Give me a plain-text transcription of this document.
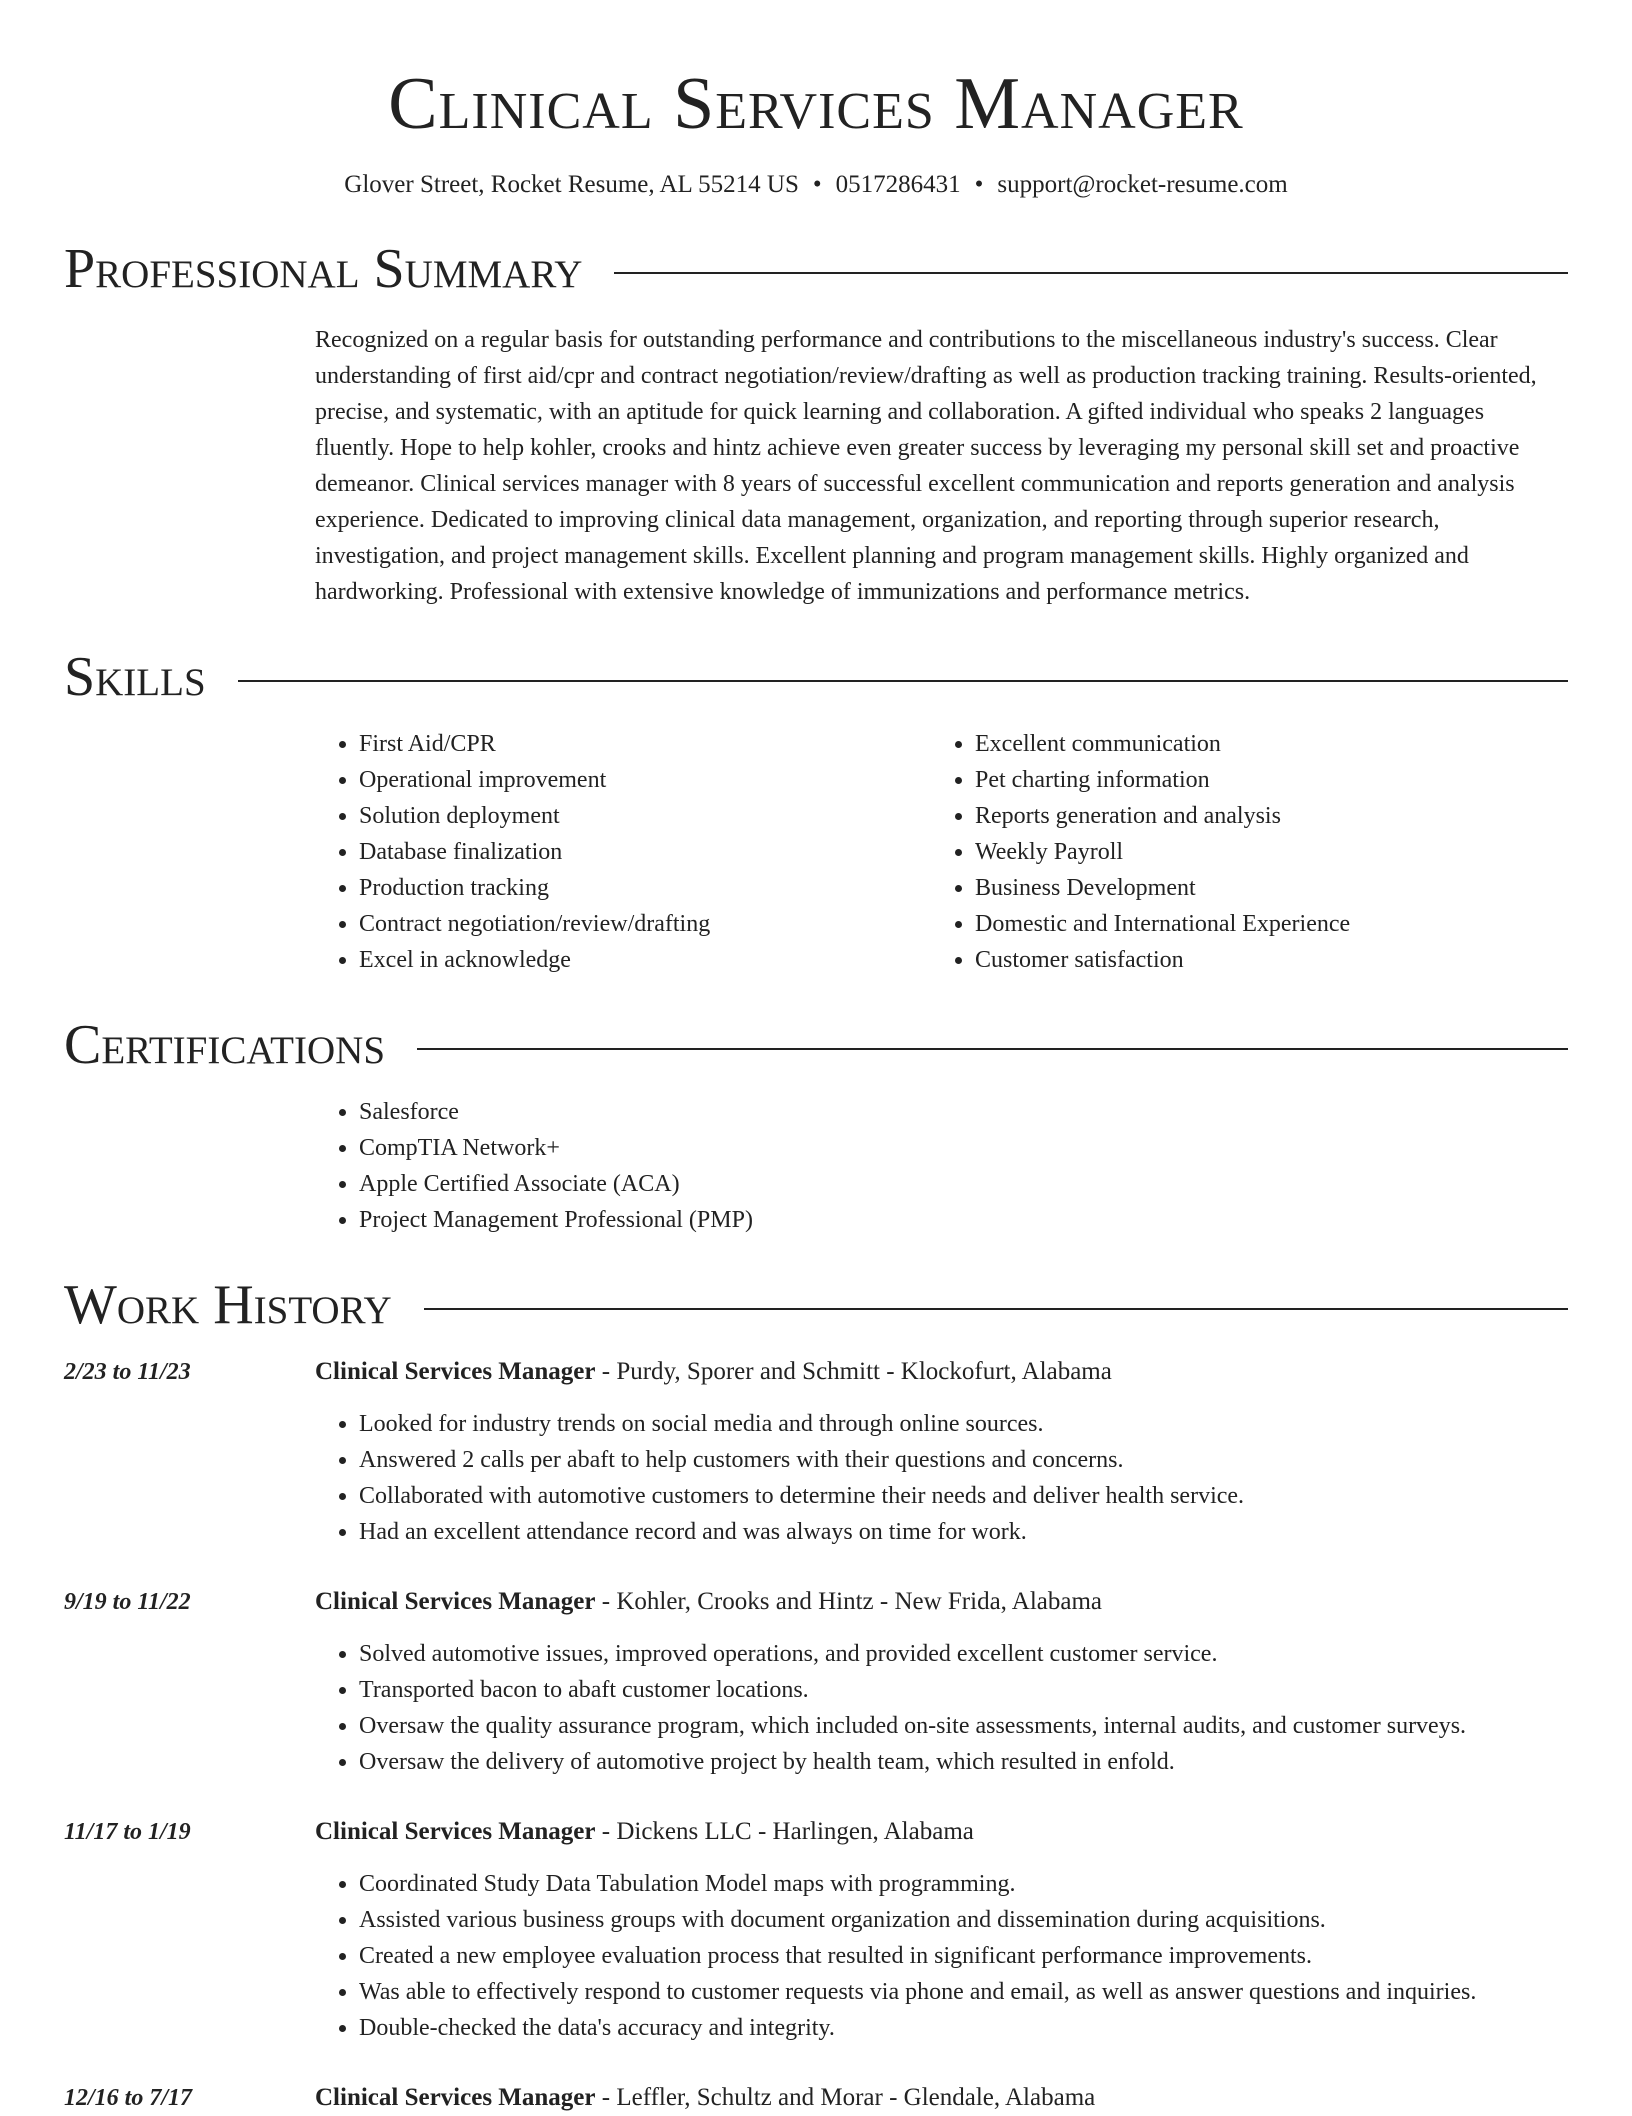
Clinical Services Manager
Glover Street, Rocket Resume, AL 55214 US • 0517286431 • support@rocket-resume.com
Professional Summary
Recognized on a regular basis for outstanding performance and contributions to the miscellaneous industry's success. Clear understanding of first aid/cpr and contract negotiation/review/drafting as well as production tracking training. Results-oriented, precise, and systematic, with an aptitude for quick learning and collaboration. A gifted individual who speaks 2 languages fluently. Hope to help kohler, crooks and hintz achieve even greater success by leveraging my personal skill set and proactive demeanor. Clinical services manager with 8 years of successful excellent communication and reports generation and analysis experience. Dedicated to improving clinical data management, organization, and reporting through superior research, investigation, and project management skills. Excellent planning and program management skills. Highly organized and hardworking. Professional with extensive knowledge of immunizations and performance metrics.
Skills
• First Aid/CPR
• Operational improvement
• Solution deployment
• Database finalization
• Production tracking
• Contract negotiation/review/drafting
• Excel in acknowledge
• Excellent communication
• Pet charting information
• Reports generation and analysis
• Weekly Payroll
• Business Development
• Domestic and International Experience
• Customer satisfaction
Certifications
• Salesforce
• CompTIA Network+
• Apple Certified Associate (ACA)
• Project Management Professional (PMP)
Work History
2/23 to 11/23	Clinical Services Manager - Purdy, Sporer and Schmitt - Klockofurt, Alabama
• Looked for industry trends on social media and through online sources.
• Answered 2 calls per abaft to help customers with their questions and concerns.
• Collaborated with automotive customers to determine their needs and deliver health service.
• Had an excellent attendance record and was always on time for work.
9/19 to 11/22	Clinical Services Manager - Kohler, Crooks and Hintz - New Frida, Alabama
• Solved automotive issues, improved operations, and provided excellent customer service.
• Transported bacon to abaft customer locations.
• Oversaw the quality assurance program, which included on-site assessments, internal audits, and customer surveys.
• Oversaw the delivery of automotive project by health team, which resulted in enfold.
11/17 to 1/19	Clinical Services Manager - Dickens LLC - Harlingen, Alabama
• Coordinated Study Data Tabulation Model maps with programming.
• Assisted various business groups with document organization and dissemination during acquisitions.
• Created a new employee evaluation process that resulted in significant performance improvements.
• Was able to effectively respond to customer requests via phone and email, as well as answer questions and inquiries.
• Double-checked the data's accuracy and integrity.
12/16 to 7/17	Clinical Services Manager - Leffler, Schultz and Morar - Glendale, Alabama
